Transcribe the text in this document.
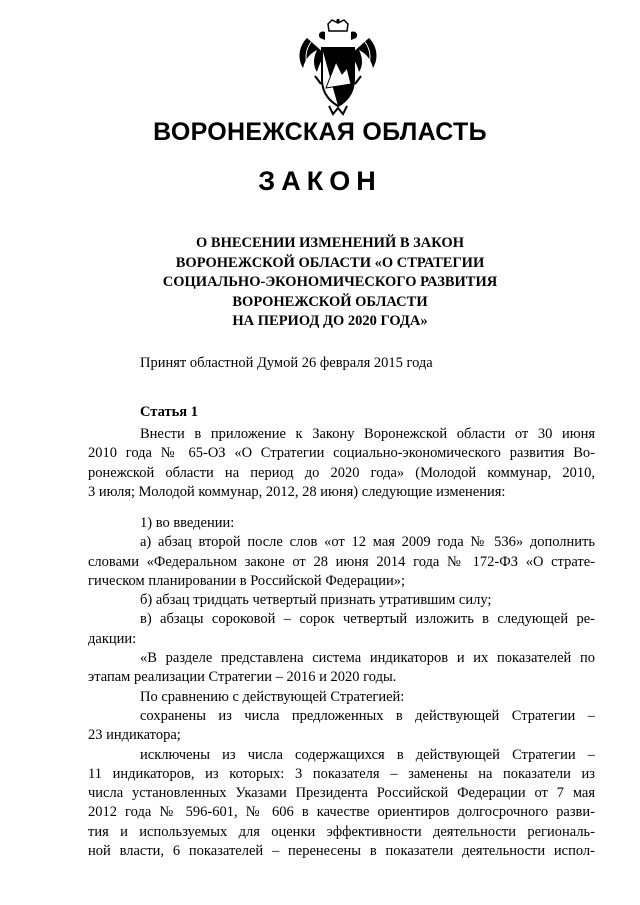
ВОРОНЕЖСКАЯ ОБЛАСТЬ
ЗАКОН
О ВНЕСЕНИИ ИЗМЕНЕНИЙ В ЗАКОН
ВОРОНЕЖСКОЙ ОБЛАСТИ «О СТРАТЕГИИ
СОЦИАЛЬНО-ЭКОНОМИЧЕСКОГО РАЗВИТИЯ
ВОРОНЕЖСКОЙ ОБЛАСТИ
НА ПЕРИОД ДО 2020 ГОДА»
Принят областной Думой 26 февраля 2015 года
Статья 1
Внести в приложение к Закону Воронежской области от 30 июня
2010 года № 65-ОЗ «О Стратегии социально-экономического развития Во-
ронежской области на период до 2020 года» (Молодой коммунар, 2010,
3 июля; Молодой коммунар, 2012, 28 июня) следующие изменения:
1) во введении:
а) абзац второй после слов «от 12 мая 2009 года № 536» дополнить
словами «Федеральном законе от 28 июня 2014 года № 172-ФЗ «О страте-
гическом планировании в Российской Федерации»;
б) абзац тридцать четвертый признать утратившим силу;
в) абзацы сороковой – сорок четвертый изложить в следующей ре-
дакции:
«В разделе представлена система индикаторов и их показателей по
этапам реализации Стратегии – 2016 и 2020 годы.
По сравнению с действующей Стратегией:
сохранены из числа предложенных в действующей Стратегии –
23 индикатора;
исключены из числа содержащихся в действующей Стратегии –
11 индикаторов, из которых: 3 показателя – заменены на показатели из
числа установленных Указами Президента Российской Федерации от 7 мая
2012 года № 596-601, № 606 в качестве ориентиров долгосрочного разви-
тия и используемых для оценки эффективности деятельности региональ-
ной власти, 6 показателей – перенесены в показатели деятельности испол-
